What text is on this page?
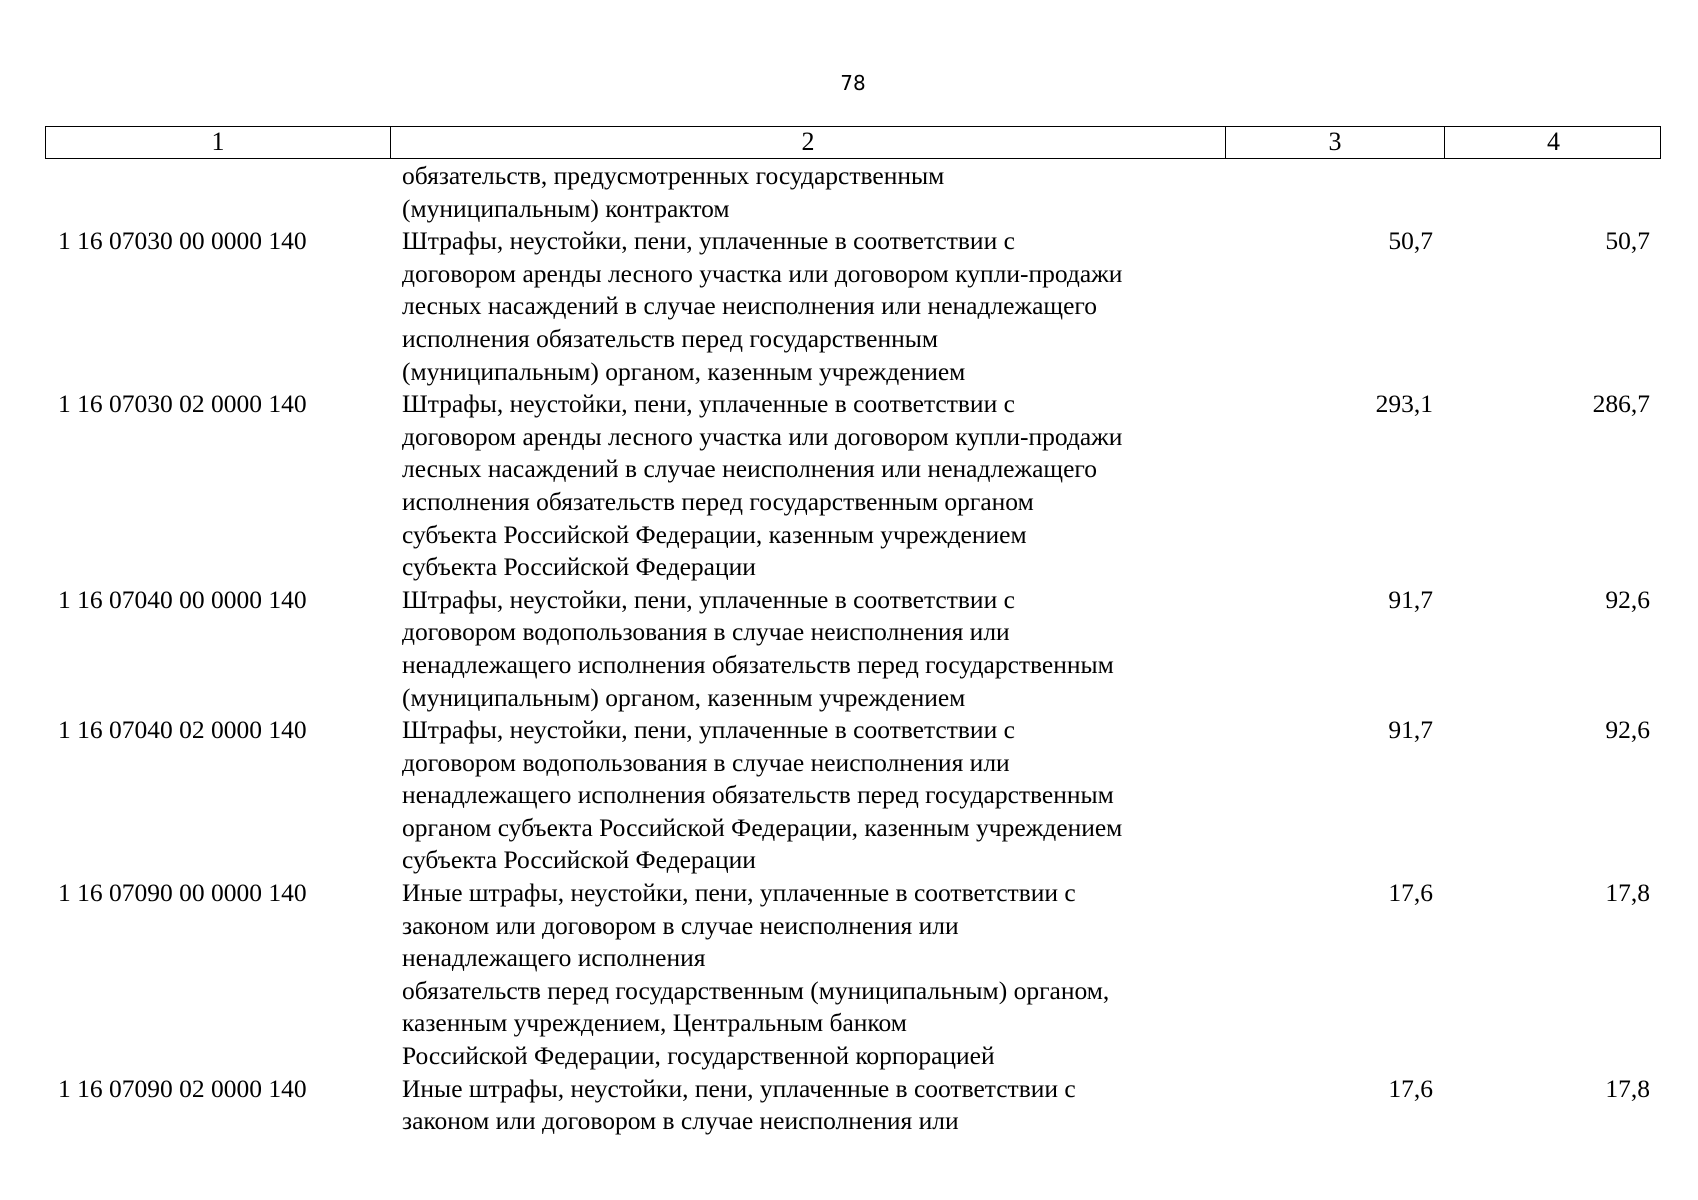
78
1	2	3	4
обязательств, предусмотренных государственным
(муниципальным) контрактом
1 16 07030 00 0000 140	Штрафы, неустойки, пени, уплаченные в соответствии с
договором аренды лесного участка или договором купли-продажи
лесных насаждений в случае неисполнения или ненадлежащего
исполнения обязательств перед государственным
(муниципальным) органом, казенным учреждением
50,7	50,7
1 16 07030 02 0000 140	Штрафы, неустойки, пени, уплаченные в соответствии с
договором аренды лесного участка или договором купли-продажи
лесных насаждений в случае неисполнения или ненадлежащего
исполнения обязательств перед государственным органом
субъекта Российской Федерации, казенным учреждением
субъекта Российской Федерации
293,1	286,7
1 16 07040 00 0000 140	Штрафы, неустойки, пени, уплаченные в соответствии с
договором водопользования в случае неисполнения или
ненадлежащего исполнения обязательств перед государственным
(муниципальным) органом, казенным учреждением
91,7	92,6
1 16 07040 02 0000 140	Штрафы, неустойки, пени, уплаченные в соответствии с
договором водопользования в случае неисполнения или
ненадлежащего исполнения обязательств перед государственным
органом субъекта Российской Федерации, казенным учреждением
субъекта Российской Федерации
91,7	92,6
1 16 07090 00 0000 140	Иные штрафы, неустойки, пени, уплаченные в соответствии с
законом или договором в случае неисполнения или
ненадлежащего исполнения
обязательств перед государственным (муниципальным) органом,
казенным учреждением, Центральным банком
Российской Федерации, государственной корпорацией
17,6	17,8
1 16 07090 02 0000 140	Иные штрафы, неустойки, пени, уплаченные в соответствии с
законом или договором в случае неисполнения или
17,6	17,8
